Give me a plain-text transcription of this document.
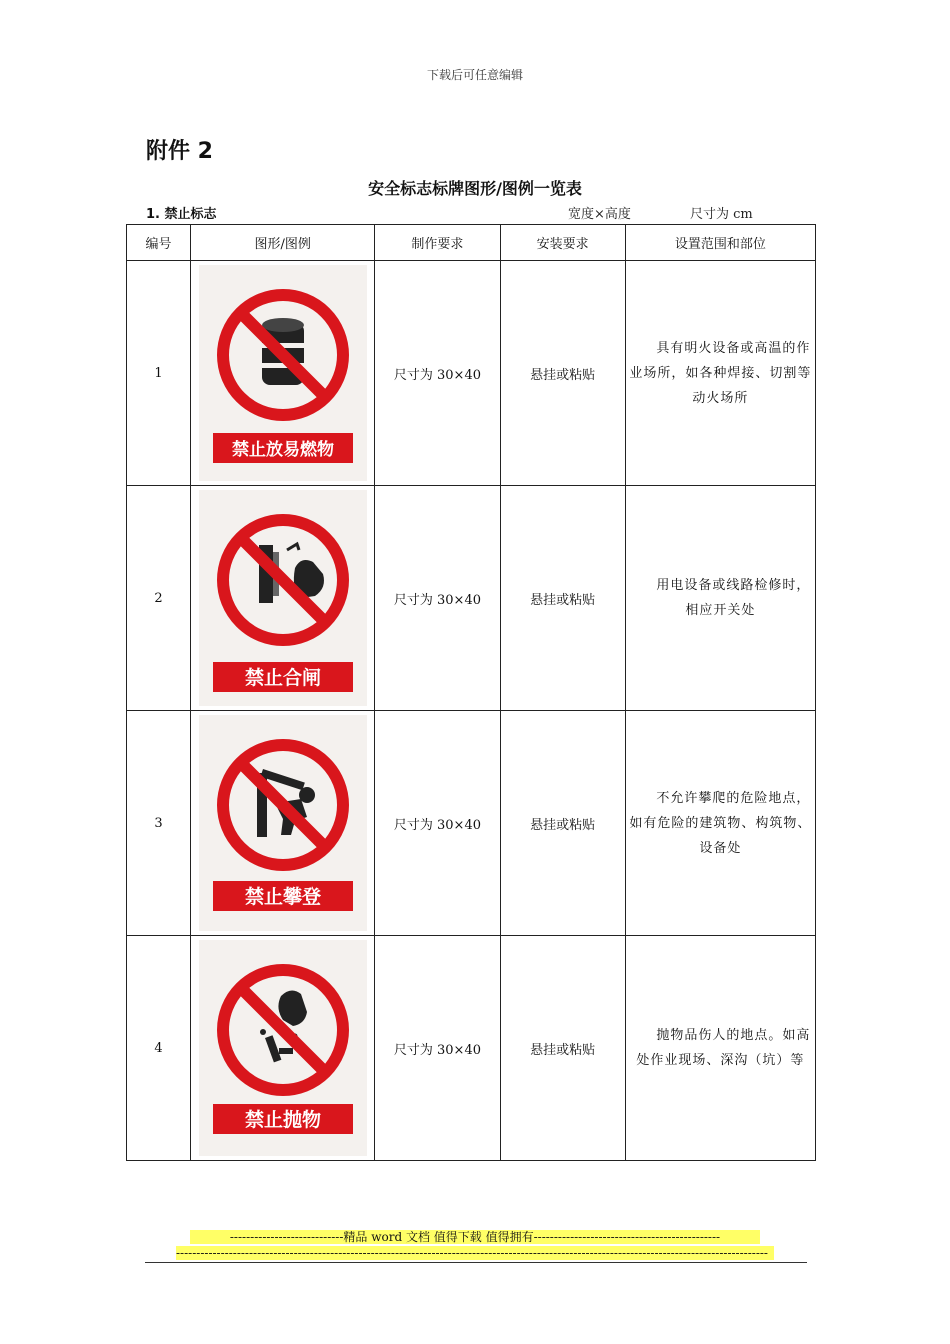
下载后可任意编辑
附件 2
安全标志标牌图形/图例一览表
1. 禁止标志	宽度×高度	尺寸为 cm
编号	图形/图例	制作要求	安装要求	设置范围和部位
1	禁止放易燃物	尺寸为 30×40	悬挂或粘贴	具有明火设备或高温的作业场所，如各种焊接、切割等动火场所

2	禁止合闸	尺寸为 30×40	悬挂或粘贴	用电设备或线路检修时，相应开关处

3	禁止攀登	尺寸为 30×40	悬挂或粘贴	不允许攀爬的危险地点，如有危险的建筑物、构筑物、设备处

4	禁止抛物	尺寸为 30×40	悬挂或粘贴	抛物品伤人的地点。如高处作业现场、深沟（坑）等
----------------------------精品 word 文档 值得下载 值得拥有----------------------------------------------
--------------------------------------------------------------------------------------------------------------------------------------------------
